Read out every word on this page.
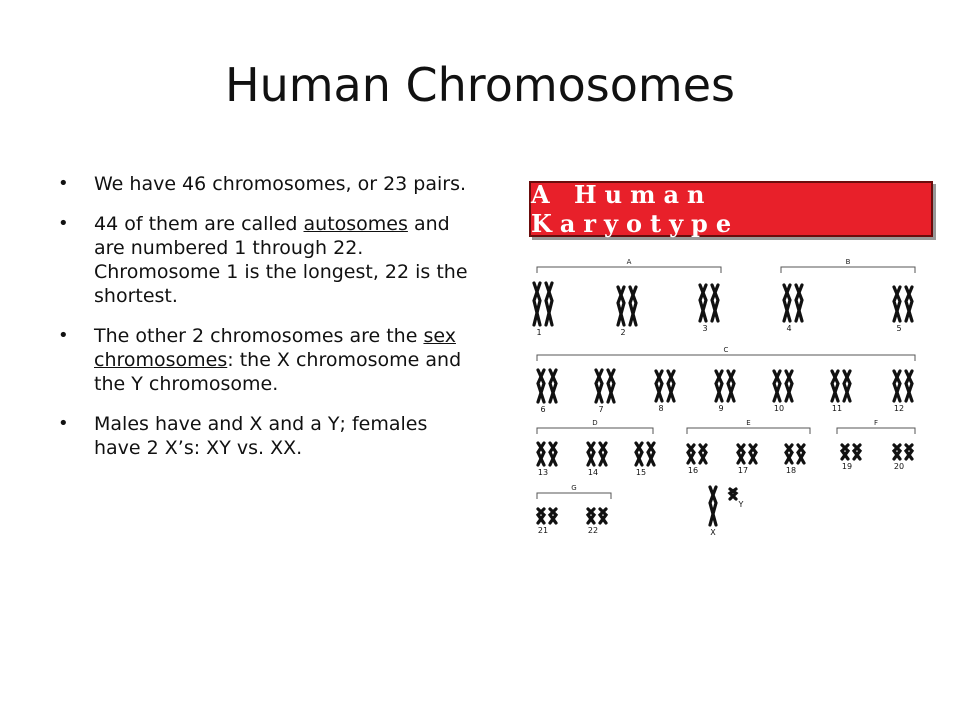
Human Chromosomes
• We have 46 chromosomes, or 23 pairs.
• 44 of them are called autosomes and are numbered 1 through 22. Chromosome 1 is the longest, 22 is the shortest.
• The other 2 chromosomes are the sex chromosomes: the X chromosome and the Y chromosome.
• Males have and X and a Y; females have 2 X’s: XY vs. XX.
A Human Karyotype
A	B
C
D	E	F
G
1	2	3	4	5
6	7	8	9	10	11	12
13	14	15	16	17	18	19	20
21	22	X
Y
